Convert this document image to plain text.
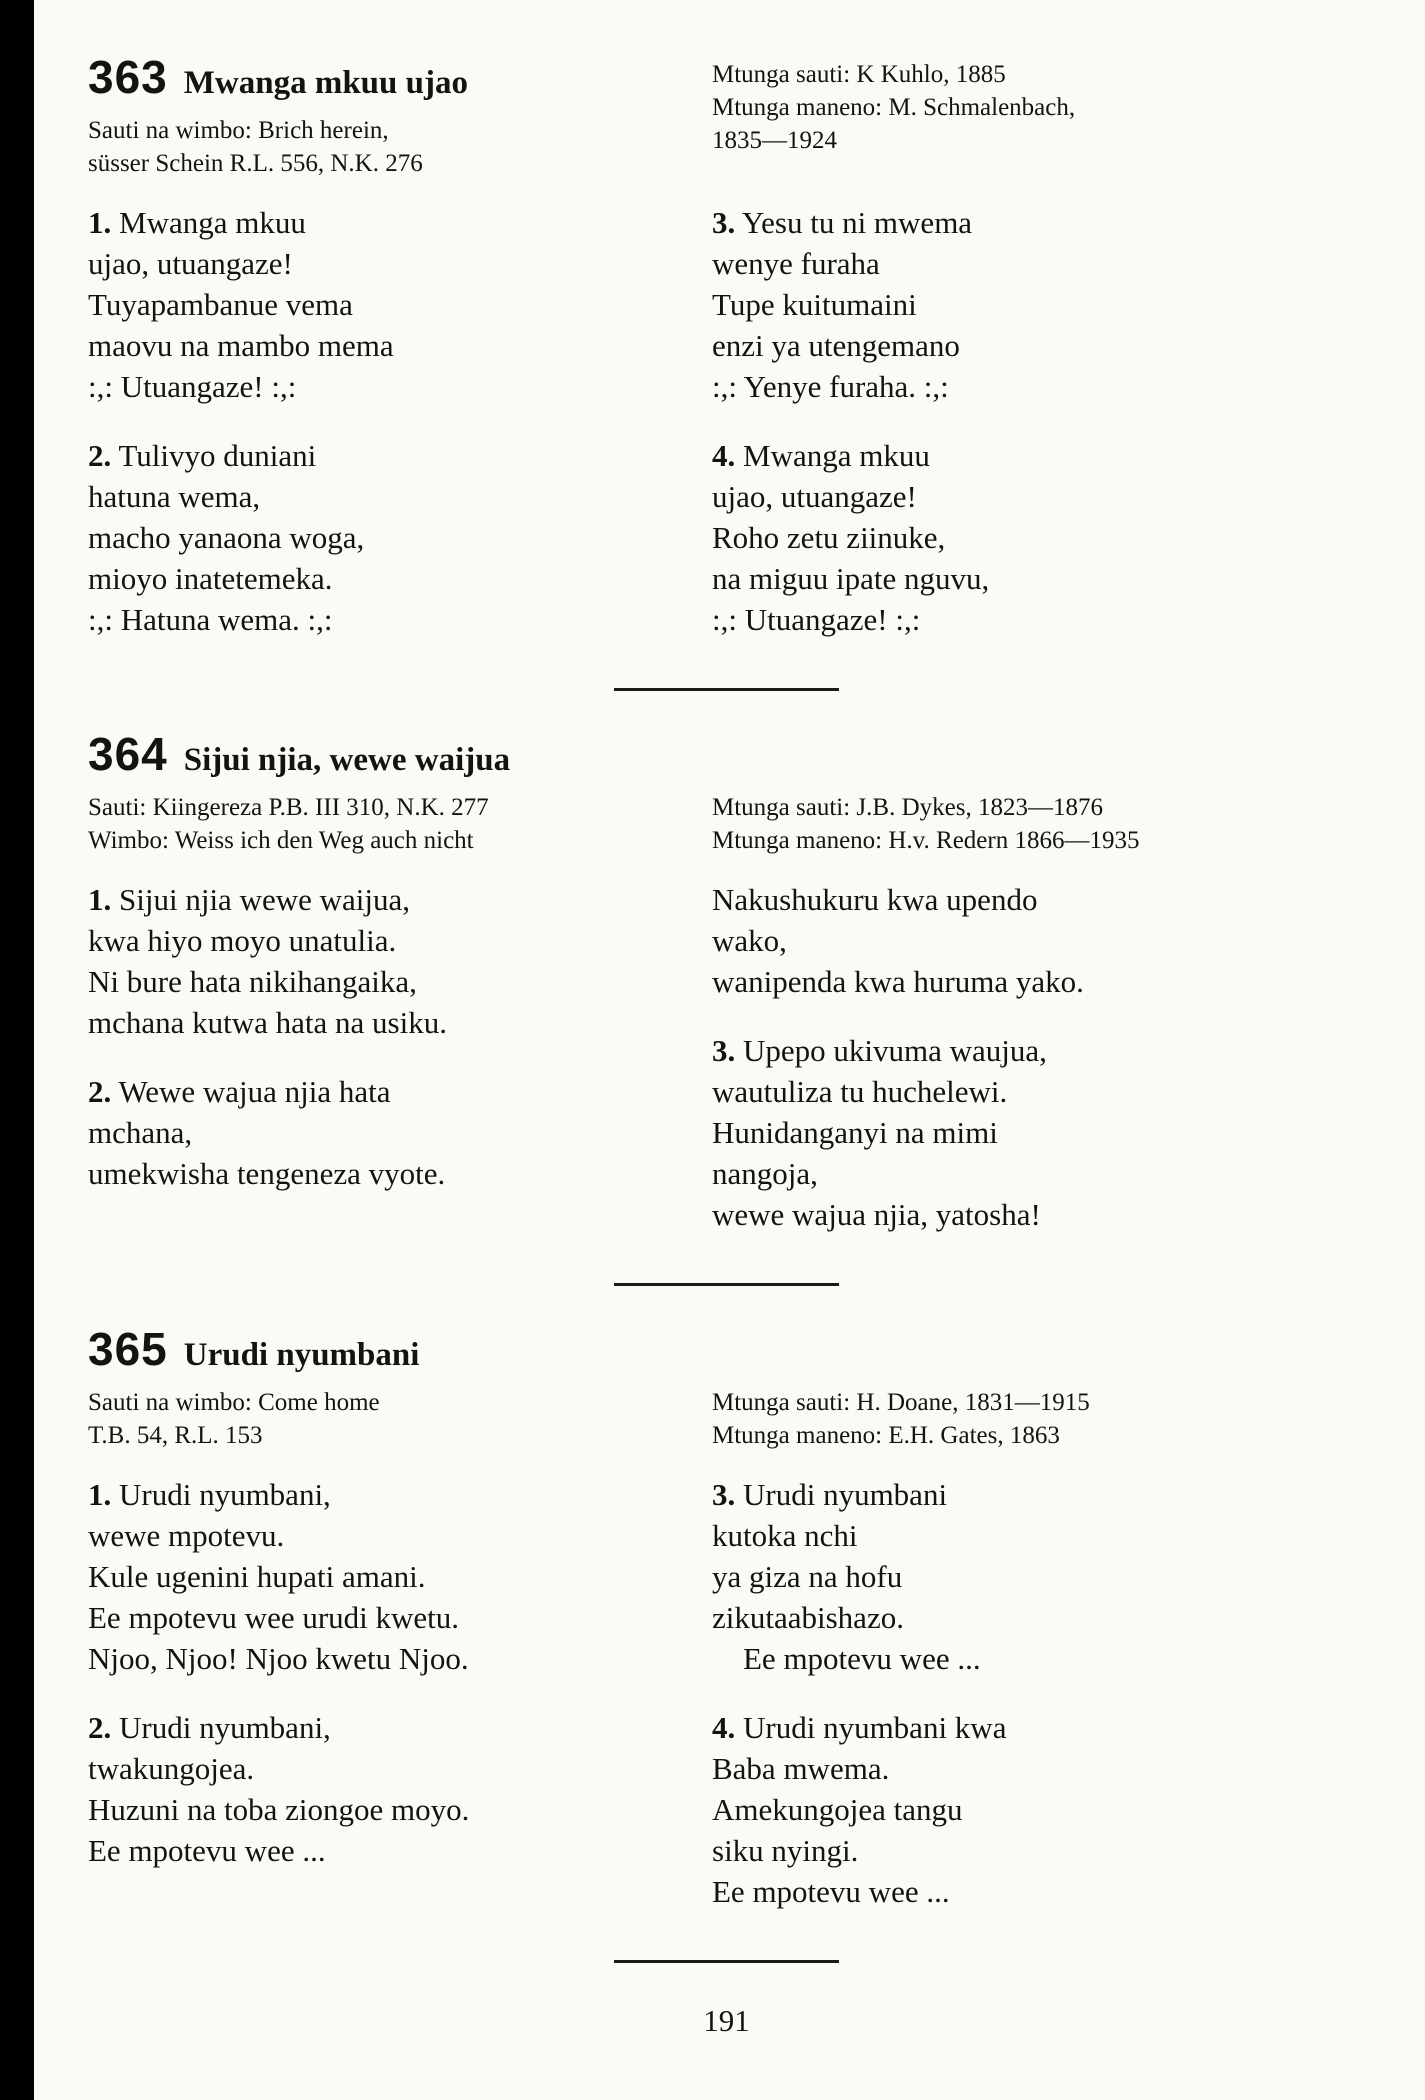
363 Mwanga mkuu ujao
Sauti na wimbo: Brich herein,
süsser Schein R.L. 556, N.K. 276
Mtunga sauti: K Kuhlo, 1885
Mtunga maneno: M. Schmalenbach,
1835—1924
1. Mwanga mkuu
ujao, utuangaze!
Tuyapambanue vema
maovu na mambo mema
:,: Utuangaze! :,:
2. Tulivyo duniani
hatuna wema,
macho yanaona woga,
mioyo inatetemeka.
:,: Hatuna wema. :,:
3. Yesu tu ni mwema
wenye furaha
Tupe kuitumaini
enzi ya utengemano
:,: Yenye furaha. :,:
4. Mwanga mkuu
ujao, utuangaze!
Roho zetu ziinuke,
na miguu ipate nguvu,
:,: Utuangaze! :,:
364 Sijui njia, wewe waijua
Sauti: Kiingereza P.B. III 310, N.K. 277
Wimbo: Weiss ich den Weg auch nicht
Mtunga sauti: J.B. Dykes, 1823—1876
Mtunga maneno: H.v. Redern 1866—1935
1. Sijui njia wewe waijua,
kwa hiyo moyo unatulia.
Ni bure hata nikihangaika,
mchana kutwa hata na usiku.
2. Wewe wajua njia hata
mchana,
umekwisha tengeneza vyote.
Nakushukuru kwa upendo
wako,
wanipenda kwa huruma yako.
3. Upepo ukivuma waujua,
wautuliza tu huchelewi.
Hunidanganyi na mimi
nangoja,
wewe wajua njia, yatosha!
365 Urudi nyumbani
Sauti na wimbo: Come home
T.B. 54, R.L. 153
Mtunga sauti: H. Doane, 1831—1915
Mtunga maneno: E.H. Gates, 1863
1. Urudi nyumbani,
wewe mpotevu.
Kule ugenini hupati amani.
Ee mpotevu wee urudi kwetu.
Njoo, Njoo! Njoo kwetu Njoo.
2. Urudi nyumbani,
twakungojea.
Huzuni na toba ziongoe moyo.
Ee mpotevu wee ...
3. Urudi nyumbani
kutoka nchi
ya giza na hofu
zikutaabishazo.
Ee mpotevu wee ...
4. Urudi nyumbani kwa
Baba mwema.
Amekungojea tangu
siku nyingi.
Ee mpotevu wee ...
191
